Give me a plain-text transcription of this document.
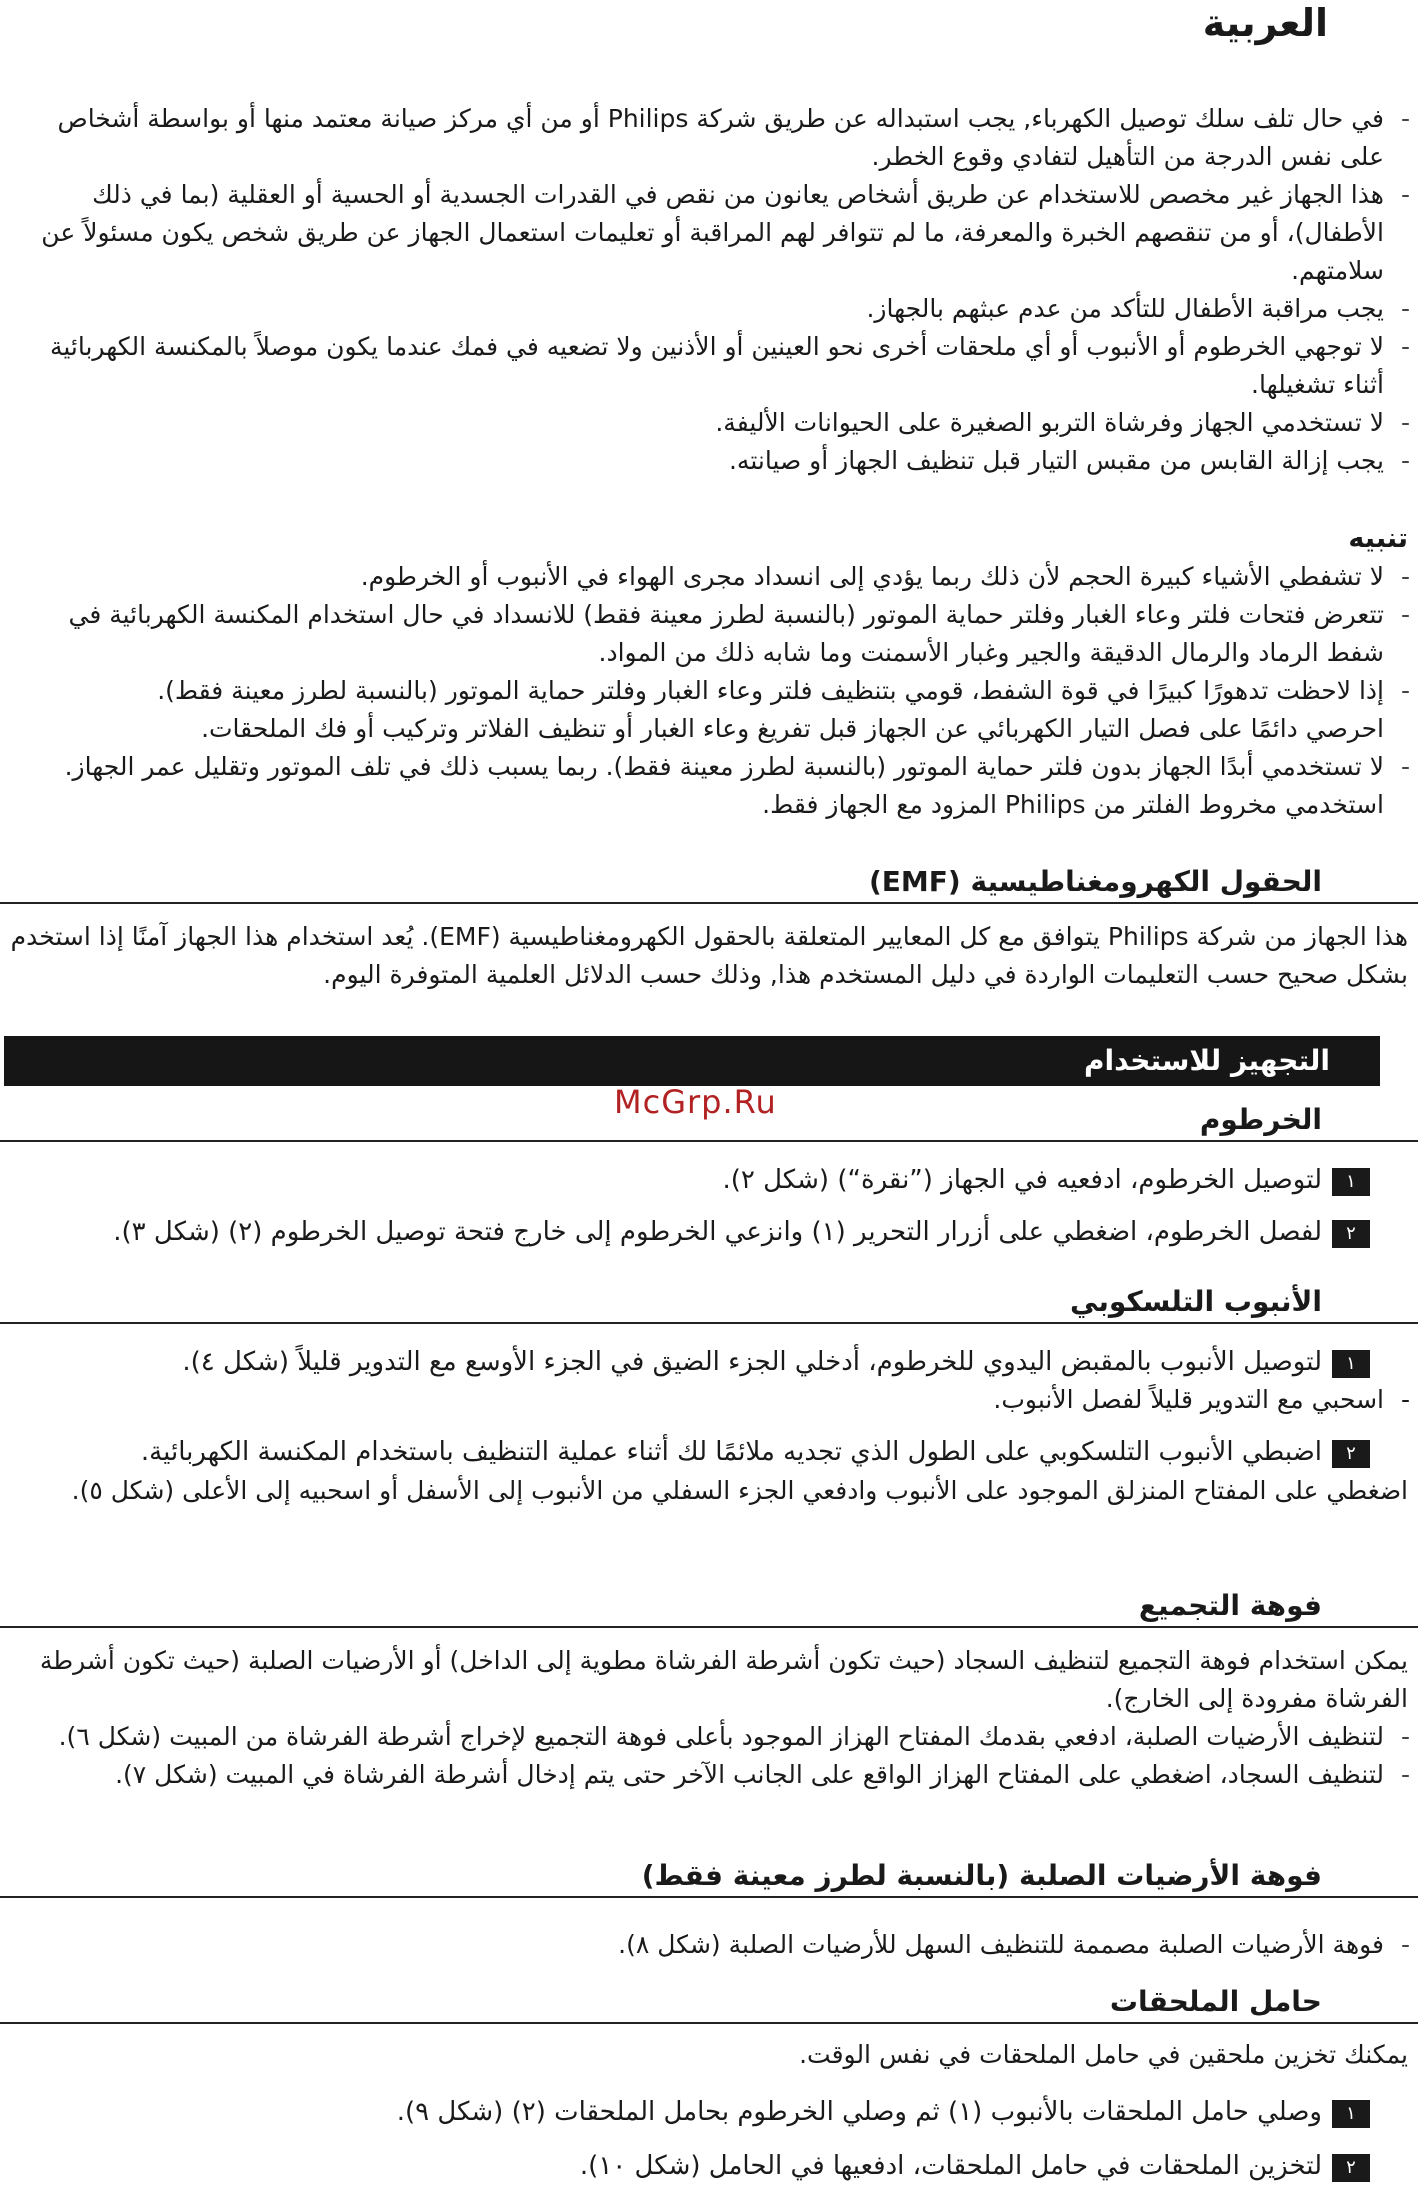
العربية
- في حال تلف سلك توصيل الكهرباء, يجب استبداله عن طريق شركة Philips أو من أي مركز صيانة معتمد منها أو بواسطة أشخاص على نفس الدرجة من التأهيل لتفادي وقوع الخطر.
- هذا الجهاز غير مخصص للاستخدام عن طريق أشخاص يعانون من نقص في القدرات الجسدية أو الحسية أو العقلية (بما في ذلك الأطفال)، أو من تنقصهم الخبرة والمعرفة، ما لم تتوافر لهم المراقبة أو تعليمات استعمال الجهاز عن طريق شخص يكون مسئولاً عن سلامتهم.
- يجب مراقبة الأطفال للتأكد من عدم عبثهم بالجهاز.
- لا توجهي الخرطوم أو الأنبوب أو أي ملحقات أخرى نحو العينين أو الأذنين ولا تضعيه في فمك عندما يكون موصلاً بالمكنسة الكهربائية أثناء تشغيلها.
- لا تستخدمي الجهاز وفرشاة التربو الصغيرة على الحيوانات الأليفة.
- يجب إزالة القابس من مقبس التيار قبل تنظيف الجهاز أو صيانته.
تنبيه
- لا تشفطي الأشياء كبيرة الحجم لأن ذلك ربما يؤدي إلى انسداد مجرى الهواء في الأنبوب أو الخرطوم.
- تتعرض فتحات فلتر وعاء الغبار وفلتر حماية الموتور (بالنسبة لطرز معينة فقط) للانسداد في حال استخدام المكنسة الكهربائية في شفط الرماد والرمال الدقيقة والجير وغبار الأسمنت وما شابه ذلك من المواد.
- إذا لاحظت تدهورًا كبيرًا في قوة الشفط، قومي بتنظيف فلتر وعاء الغبار وفلتر حماية الموتور (بالنسبة لطرز معينة فقط).
احرصي دائمًا على فصل التيار الكهربائي عن الجهاز قبل تفريغ وعاء الغبار أو تنظيف الفلاتر وتركيب أو فك الملحقات.
- لا تستخدمي أبدًا الجهاز بدون فلتر حماية الموتور (بالنسبة لطرز معينة فقط). ربما يسبب ذلك في تلف الموتور وتقليل عمر الجهاز. استخدمي مخروط الفلتر من Philips المزود مع الجهاز فقط.
الحقول الكهرومغناطيسية (EMF)
هذا الجهاز من شركة Philips يتوافق مع كل المعايير المتعلقة بالحقول الكهرومغناطيسية (EMF). يُعد استخدام هذا الجهاز آمنًا إذا استخدم بشكل صحيح حسب التعليمات الواردة في دليل المستخدم هذا, وذلك حسب الدلائل العلمية المتوفرة اليوم.
التجهيز للاستخدام
McGrp.Ru	الخرطوم
١
لتوصيل الخرطوم، ادفعيه في الجهاز (”نقرة“) (شكل ٢).
٢
لفصل الخرطوم، اضغطي على أزرار التحرير (١) وانزعي الخرطوم إلى خارج فتحة توصيل الخرطوم (٢) (شكل ٣).
الأنبوب التلسكوبي
١
لتوصيل الأنبوب بالمقبض اليدوي للخرطوم، أدخلي الجزء الضيق في الجزء الأوسع مع التدوير قليلاً (شكل ٤).
- اسحبي مع التدوير قليلاً لفصل الأنبوب.
٢
اضبطي الأنبوب التلسكوبي على الطول الذي تجديه ملائمًا لك أثناء عملية التنظيف باستخدام المكنسة الكهربائية.
اضغطي على المفتاح المنزلق الموجود على الأنبوب وادفعي الجزء السفلي من الأنبوب إلى الأسفل أو اسحبيه إلى الأعلى (شكل ٥).
فوهة التجميع
يمكن استخدام فوهة التجميع لتنظيف السجاد (حيث تكون أشرطة الفرشاة مطوية إلى الداخل) أو الأرضيات الصلبة (حيث تكون أشرطة الفرشاة مفرودة إلى الخارج).
- لتنظيف الأرضيات الصلبة، ادفعي بقدمك المفتاح الهزاز الموجود بأعلى فوهة التجميع لإخراج أشرطة الفرشاة من المبيت (شكل ٦).
- لتنظيف السجاد، اضغطي على المفتاح الهزاز الواقع على الجانب الآخر حتى يتم إدخال أشرطة الفرشاة في المبيت (شكل ٧).
فوهة الأرضيات الصلبة (بالنسبة لطرز معينة فقط)
- فوهة الأرضيات الصلبة مصممة للتنظيف السهل للأرضيات الصلبة (شكل ٨).
حامل الملحقات
يمكنك تخزين ملحقين في حامل الملحقات في نفس الوقت.
١
وصلي حامل الملحقات بالأنبوب (١) ثم وصلي الخرطوم بحامل الملحقات (٢) (شكل ٩).
٢
لتخزين الملحقات في حامل الملحقات، ادفعيها في الحامل (شكل ١٠).
